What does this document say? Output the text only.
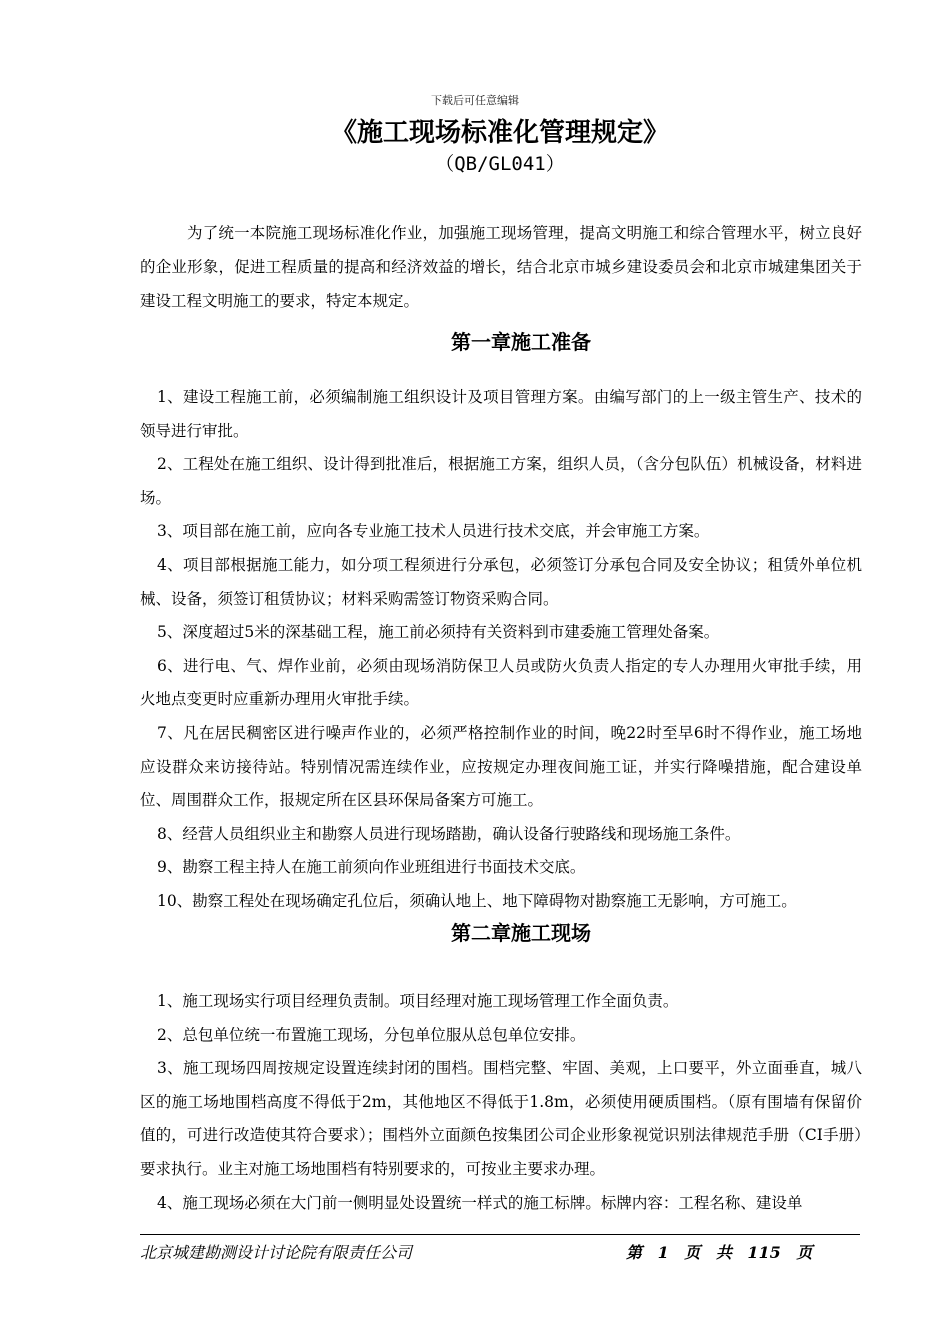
下载后可任意编辑
《施工现场标准化管理规定》
（QB/GL041）

为了统一本院施工现场标准化作业，加强施工现场管理，提高文明施工和综合管理水平，树立良好的企业形象，促进工程质量的提高和经济效益的增长，结合北京市城乡建设委员会和北京市城建集团关于建设工程文明施工的要求，特定本规定。

第一章施工准备
1、建设工程施工前，必须编制施工组织设计及项目管理方案。由编写部门的上一级主管生产、技术的领导进行审批。
2、工程处在施工组织、设计得到批准后，根据施工方案，组织人员，（含分包队伍）机械设备，材料进场。
3、项目部在施工前，应向各专业施工技术人员进行技术交底，并会审施工方案。
4、项目部根据施工能力，如分项工程须进行分承包，必须签订分承包合同及安全协议；租赁外单位机械、设备，须签订租赁协议；材料采购需签订物资采购合同。
5、深度超过5米的深基础工程，施工前必须持有关资料到市建委施工管理处备案。
6、进行电、气、焊作业前，必须由现场消防保卫人员或防火负责人指定的专人办理用火审批手续，用火地点变更时应重新办理用火审批手续。
7、凡在居民稠密区进行噪声作业的，必须严格控制作业的时间，晚22时至早6时不得作业，施工场地应设群众来访接待站。特别情况需连续作业，应按规定办理夜间施工证，并实行降噪措施，配合建设单位、周围群众工作，报规定所在区县环保局备案方可施工。
8、经营人员组织业主和勘察人员进行现场踏勘，确认设备行驶路线和现场施工条件。
9、勘察工程主持人在施工前须向作业班组进行书面技术交底。
10、勘察工程处在现场确定孔位后，须确认地上、地下障碍物对勘察施工无影响，方可施工。
第二章施工现场
1、施工现场实行项目经理负责制。项目经理对施工现场管理工作全面负责。
2、总包单位统一布置施工现场，分包单位服从总包单位安排。
3、施工现场四周按规定设置连续封闭的围档。围档完整、牢固、美观，上口要平，外立面垂直，城八区的施工场地围档高度不得低于2m，其他地区不得低于1.8m，必须使用硬质围档。（原有围墙有保留价值的，可进行改造使其符合要求）；围档外立面颜色按集团公司企业形象视觉识别法律规范手册（CI手册）要求执行。业主对施工场地围档有特别要求的，可按业主要求办理。
4、施工现场必须在大门前一侧明显处设置统一样式的施工标牌。标牌内容：工程名称、建设单
北京城建勘测设计讨论院有限责任公司	第 1 页 共 115 页
